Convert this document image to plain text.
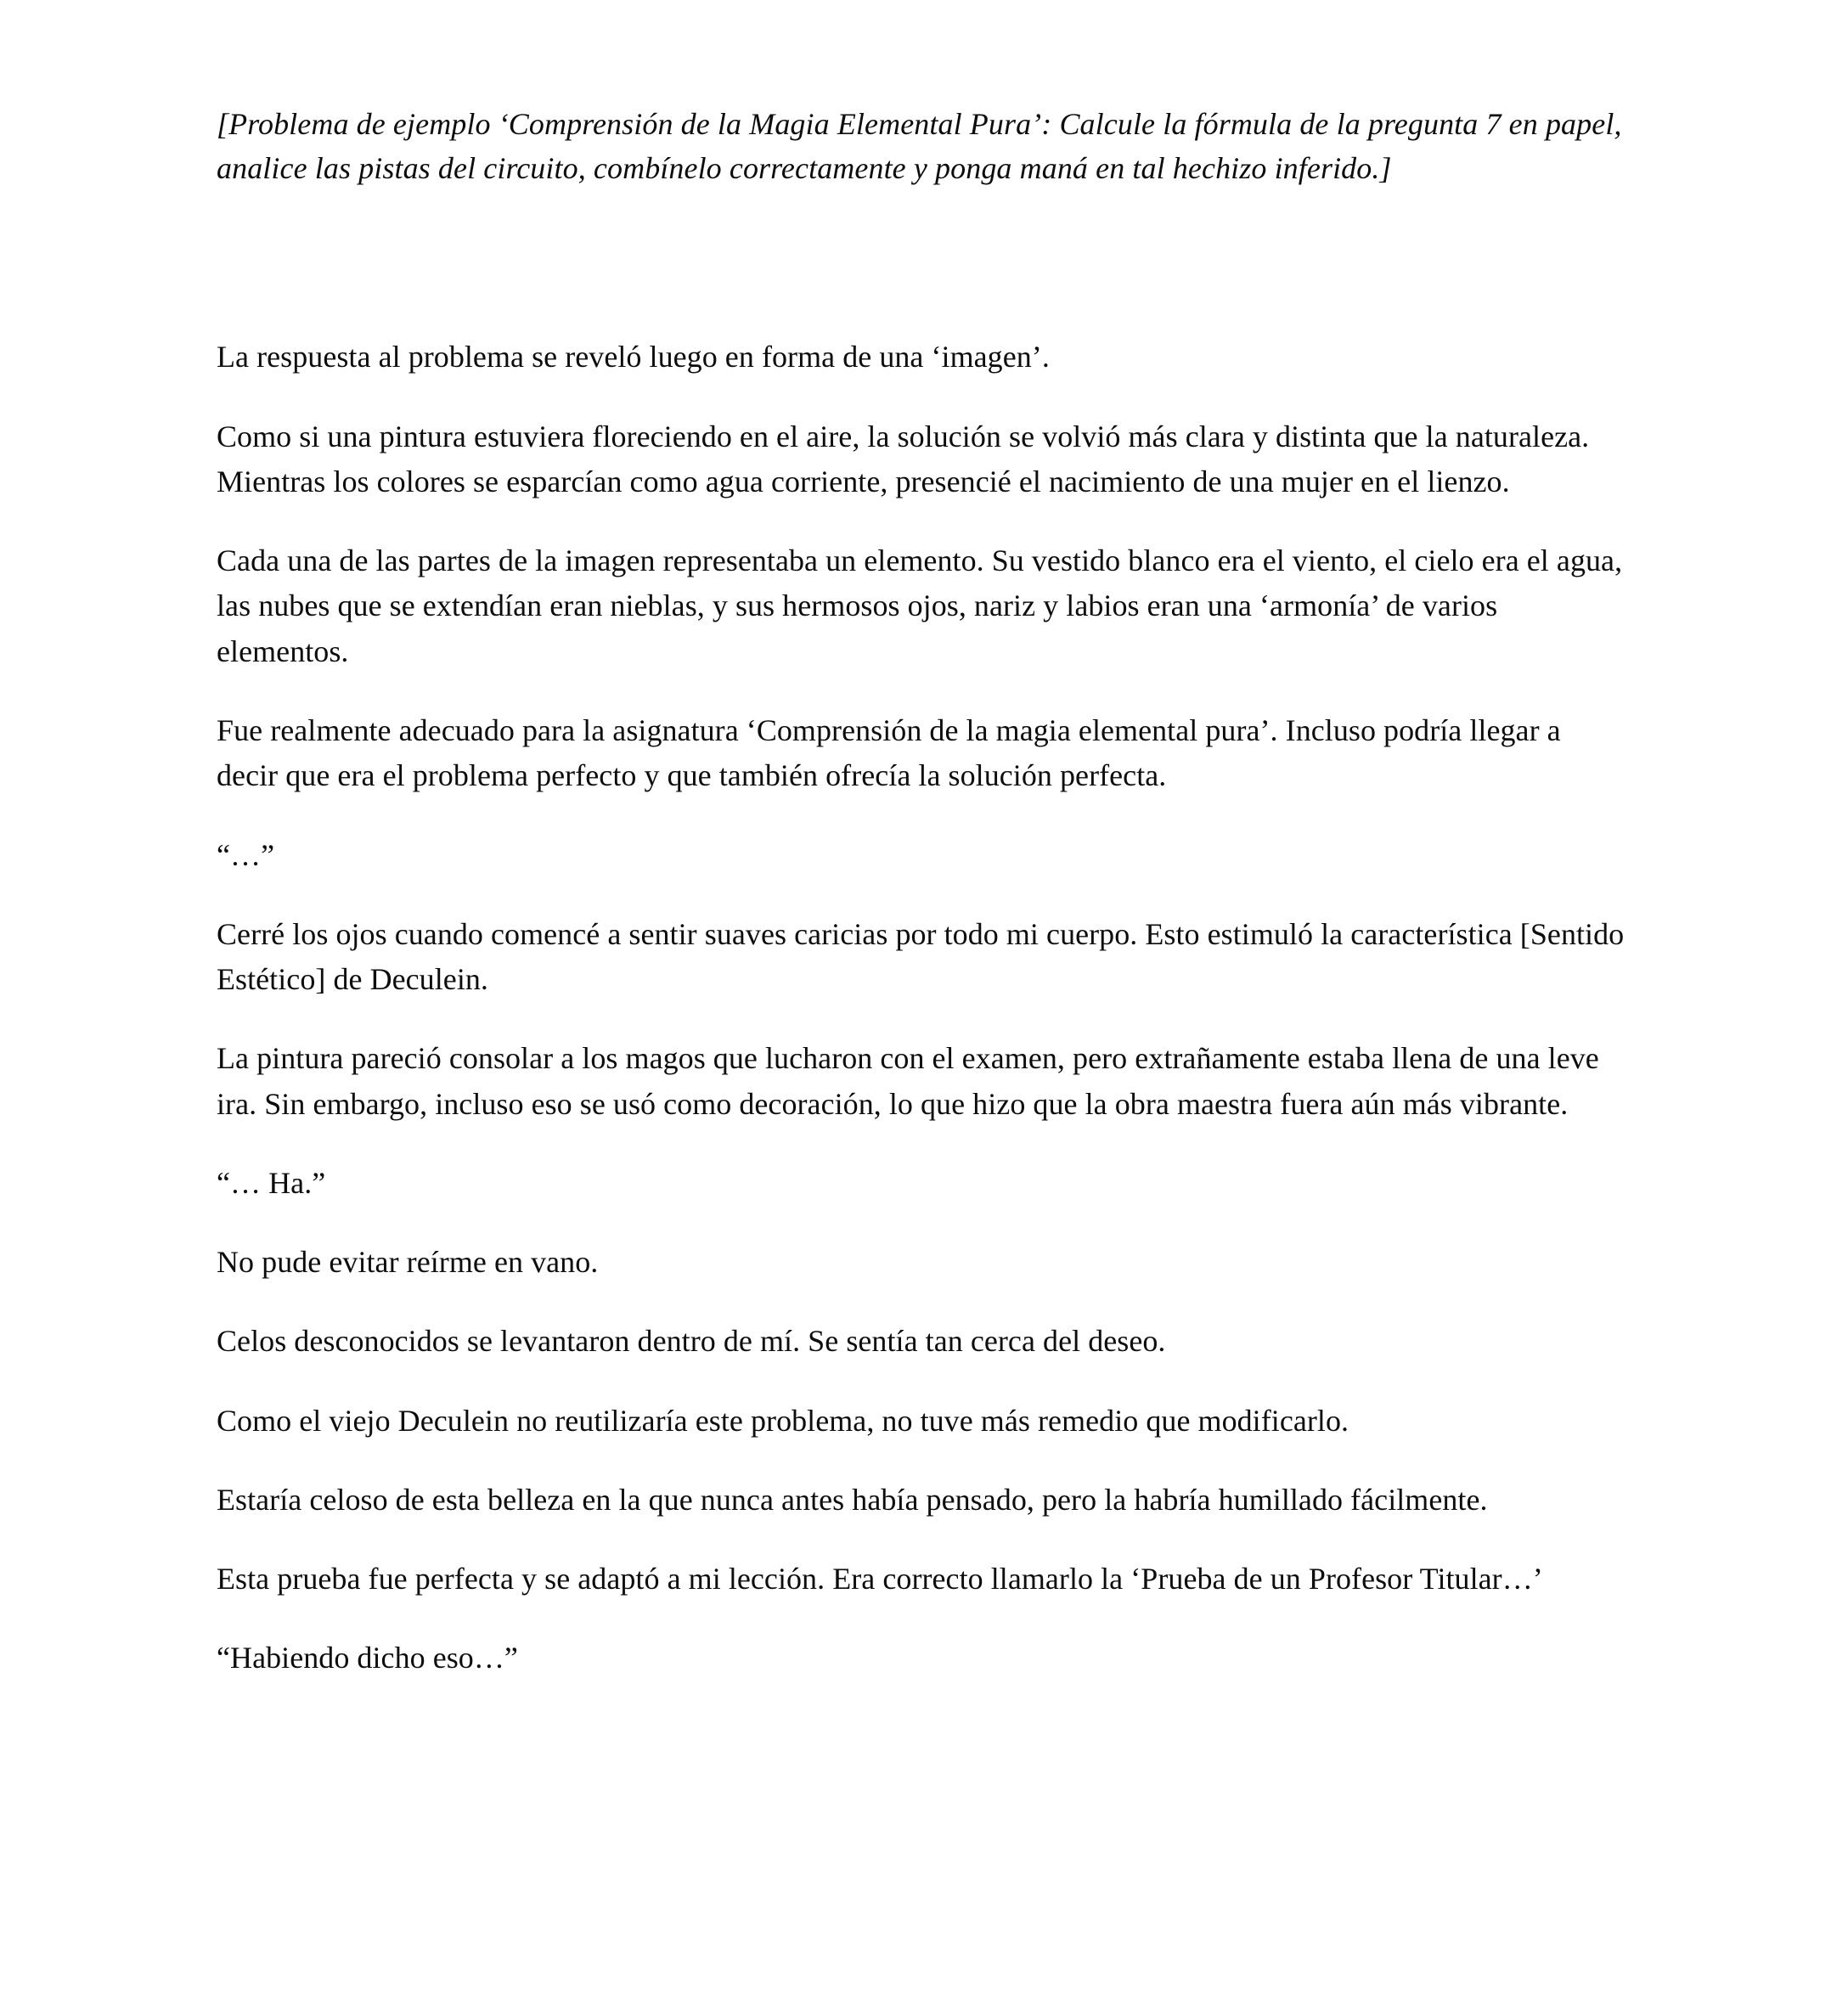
[Problema de ejemplo ‘Comprensión de la Magia Elemental Pura’: Calcule la fórmula de la pregunta 7 en papel, analice las pistas del circuito, combínelo correctamente y ponga maná en tal hechizo inferido.]

La respuesta al problema se reveló luego en forma de una ‘imagen’.

Como si una pintura estuviera floreciendo en el aire, la solución se volvió más clara y distinta que la naturaleza. Mientras los colores se esparcían como agua corriente, presencié el nacimiento de una mujer en el lienzo.

Cada una de las partes de la imagen representaba un elemento. Su vestido blanco era el viento, el cielo era el agua, las nubes que se extendían eran nieblas, y sus hermosos ojos, nariz y labios eran una ‘armonía’ de varios elementos.

Fue realmente adecuado para la asignatura ‘Comprensión de la magia elemental pura’. Incluso podría llegar a decir que era el problema perfecto y que también ofrecía la solución perfecta.

“…”

Cerré los ojos cuando comencé a sentir suaves caricias por todo mi cuerpo. Esto estimuló la característica [Sentido Estético] de Deculein.

La pintura pareció consolar a los magos que lucharon con el examen, pero extrañamente estaba llena de una leve ira. Sin embargo, incluso eso se usó como decoración, lo que hizo que la obra maestra fuera aún más vibrante.

“… Ha.”

No pude evitar reírme en vano.

Celos desconocidos se levantaron dentro de mí. Se sentía tan cerca del deseo.

Como el viejo Deculein no reutilizaría este problema, no tuve más remedio que modificarlo.

Estaría celoso de esta belleza en la que nunca antes había pensado, pero la habría humillado fácilmente.

Esta prueba fue perfecta y se adaptó a mi lección. Era correcto llamarlo la ‘Prueba de un Profesor Titular…’

“Habiendo dicho eso…”
